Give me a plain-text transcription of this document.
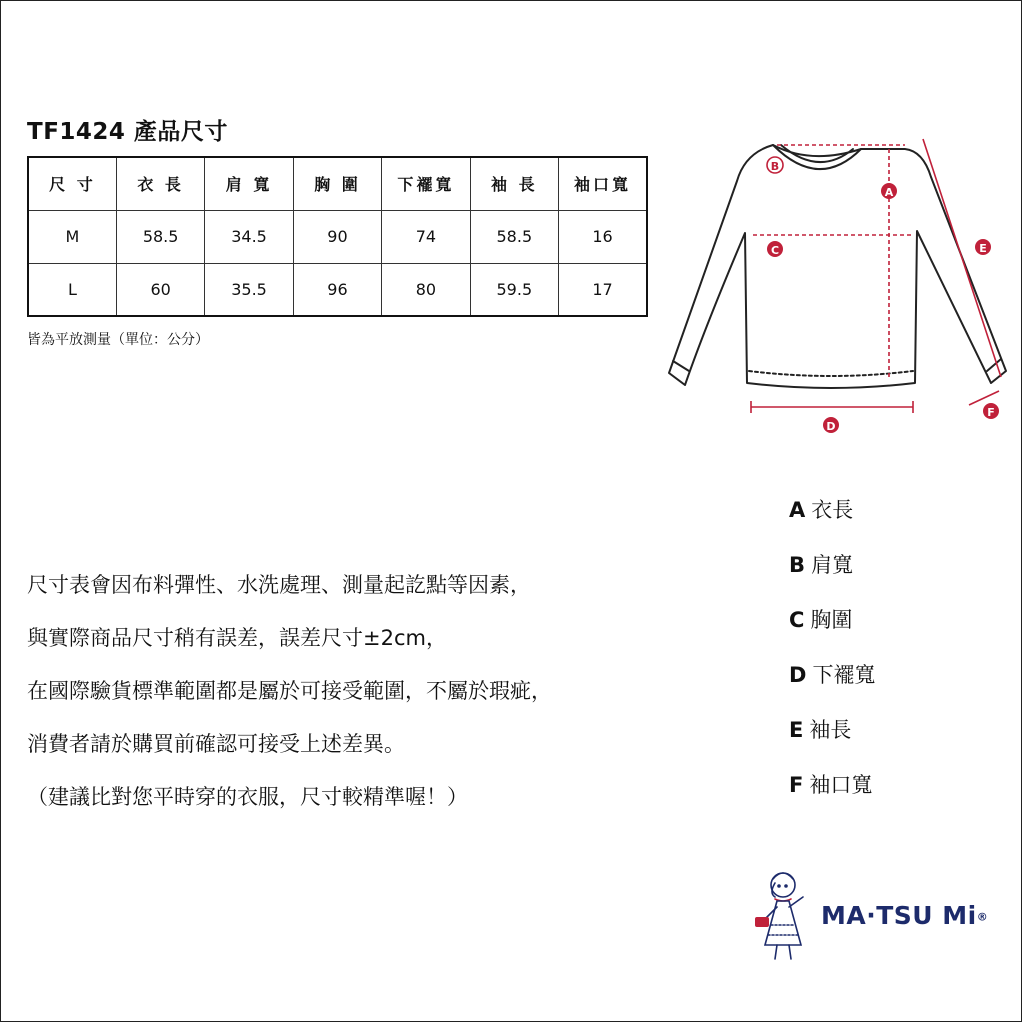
TF1424 產品尺寸
尺 寸	衣 長	肩 寬	胸 圍	下襬寬	袖 長	袖口寬
M	58.5	34.5	90	74	58.5	16
L	60	35.5	96	80	59.5	17
皆為平放測量（單位：公分）
B
A
C
D
E
F

尺寸表會因布料彈性、水洗處理、測量起訖點等因素，

與實際商品尺寸稍有誤差，誤差尺寸±2cm，

在國際驗貨標準範圍都是屬於可接受範圍，不屬於瑕疵，

消費者請於購買前確認可接受上述差異。

（建議比對您平時穿的衣服，尺寸較精準喔！）

A 衣長
B 肩寬
C 胸圍
D 下襬寬
E 袖長
F 袖口寬
MA·TSU Mi®
